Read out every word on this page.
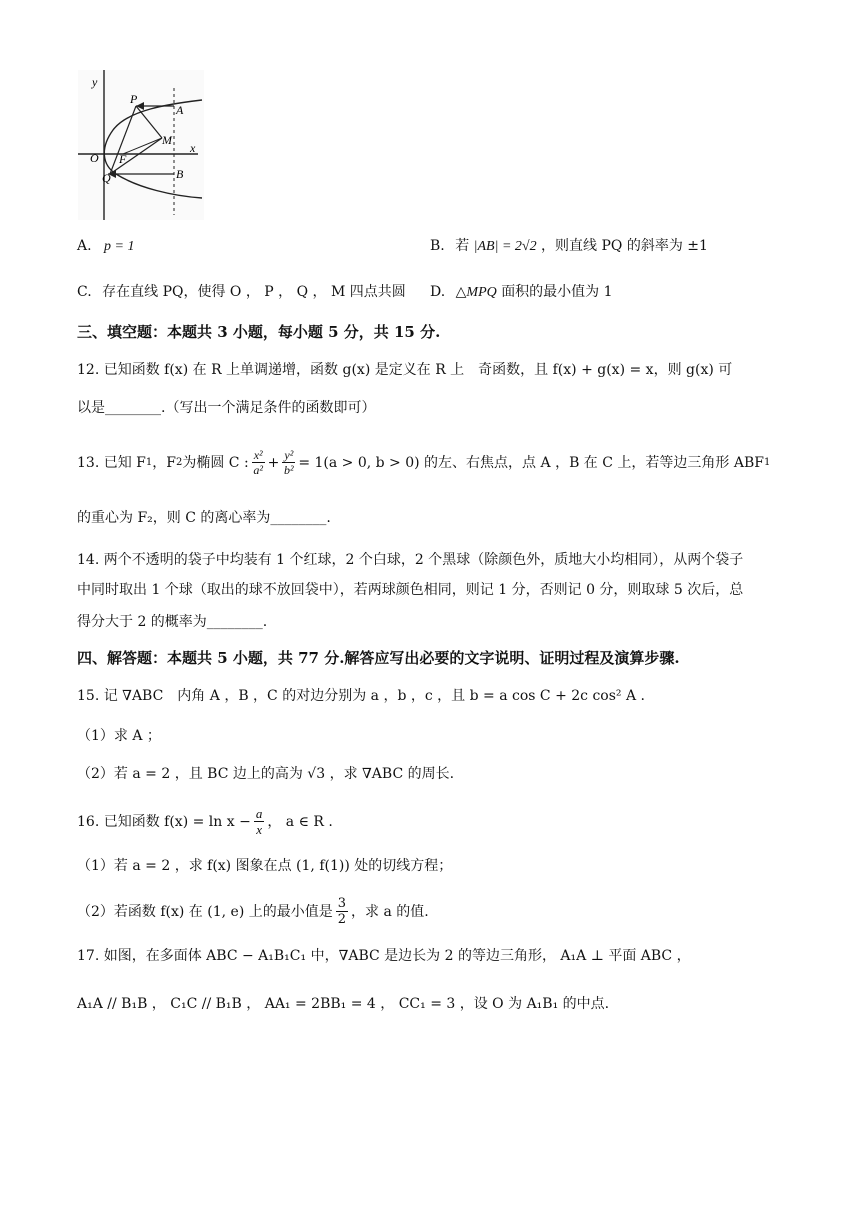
y
x
O
P
A
M
F
Q	B
A. p = 1	B. 若 |AB| = 2√2 ，则直线 PQ 的斜率为 ±1
C. 存在直线 PQ，使得 O ， P ， Q ， M 四点共圆 D. △MPQ 面积的最小值为 1
三、填空题：本题共 3 小题，每小题 5 分，共 15 分.
12. 已知函数 f(x) 在 R 上单调递增，函数 g(x) 是定义在 R 上　奇函数，且 f(x) + g(x) = x，则 g(x) 可
以是________.（写出一个满足条件的函数即可）
13. 已知 F 1 ，F 2 为椭圆 C : $\frac{\text{x²}}{\text{a²}} + \frac{\text{y²}}{\text{b²}} = 1(a > 0$, b > 0) 的左、右焦点，点 A ，B 在 C 上，若等边三角形 ABF 1
的重心为 F₂，则 C 的离心率为________.
14. 两个不透明的袋子中均装有 1 个红球，2 个白球，2 个黑球（除颜色外，质地大小均相同），从两个袋子
中同时取出 1 个球（取出的球不放回袋中），若两球颜色相同，则记 1 分，否则记 0 分，则取球 5 次后，总
得分大于 2 的概率为________.
四、解答题：本题共 5 小题，共 77 分.解答应写出必要的文字说明、证明过程及演算步骤.
15. 记 ∇ABC　内角 A ，B ，C 的对边分别为 a ，b ，c ，且 b = a cos C + 2c cos² A .
（1）求 A ；
（2）若 a = 2 ，且 BC 边上的高为 √3 ，求 ∇ABC 的周长.
16. 已知函数 $f(x) = \ln x - \frac{a}{x}$ ， a ∈ R .
（1）若 a = 2 ，求 f(x) 图象在点 (1, f(1)) 处的切线方程；
（2）若函数 f(x) 在 (1, e) 上的最小值是 $\frac{3}{2}$ ，求 a 的值.
17. 如图，在多面体 ABC − A₁B₁C₁ 中，∇ABC 是边长为 2 的等边三角形， A₁A ⊥ 平面 ABC ，
A₁A // B₁B ， C₁C // B₁B ， AA₁ = 2BB₁ = 4 ， CC₁ = 3 ，设 O 为 A₁B₁ 的中点.
